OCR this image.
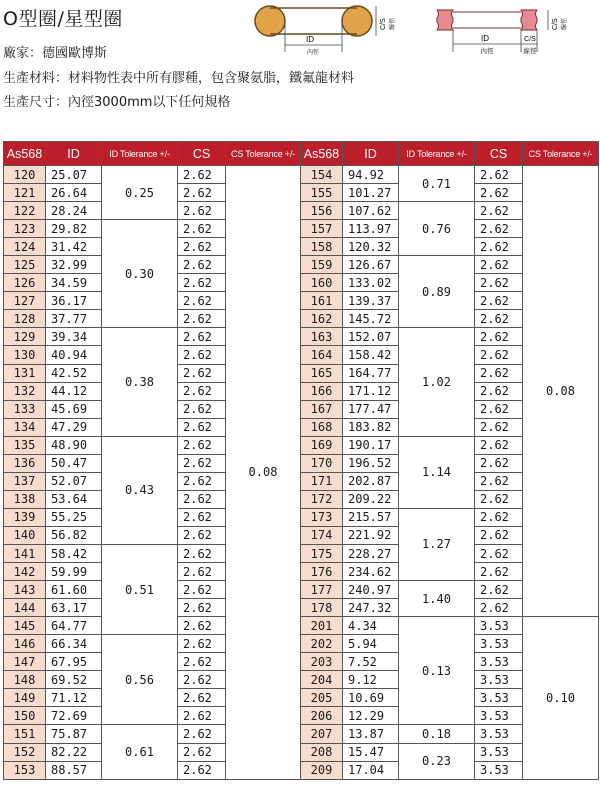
O型圈/星型圈
ID
內徑
C/S 線徑
ID
內徑
C/S
線徑
C/S 線徑
廠家：德國歐博斯
生產材料：材料物性表中所有膠種，包含聚氨脂，鐵氟龍材料
生產尺寸：內徑3000mm以下任何規格
As568	ID	ID Tolerance +/-	CS	CS Tolerance +/-	As568	ID	ID Tolerance +/-	CS	CS Tolerance +/-
120	25.07	0.25	2.62	0.08	154	94.92	0.71	2.62	0.08
121	26.64		2.62		155	101.27		2.62	
122	28.24		2.62		156	107.62	0.76	2.62	
123	29.82	0.30	2.62		157	113.97		2.62	
124	31.42		2.62		158	120.32		2.62	
125	32.99		2.62		159	126.67	0.89	2.62	
126	34.59		2.62		160	133.02		2.62	
127	36.17		2.62		161	139.37		2.62	
128	37.77		2.62		162	145.72		2.62	
129	39.34	0.38	2.62		163	152.07	1.02	2.62	
130	40.94		2.62		164	158.42		2.62	
131	42.52		2.62		165	164.77		2.62	
132	44.12		2.62		166	171.12		2.62	
133	45.69		2.62		167	177.47		2.62	
134	47.29		2.62		168	183.82		2.62	
135	48.90	0.43	2.62		169	190.17	1.14	2.62	
136	50.47		2.62		170	196.52		2.62	
137	52.07		2.62		171	202.87		2.62	
138	53.64		2.62		172	209.22		2.62	
139	55.25		2.62		173	215.57	1.27	2.62	
140	56.82		2.62		174	221.92		2.62	
141	58.42	0.51	2.62		175	228.27		2.62	
142	59.99		2.62		176	234.62		2.62	
143	61.60		2.62		177	240.97	1.40	2.62	
144	63.17		2.62		178	247.32		2.62	
145	64.77		2.62		201	4.34	0.13	3.53	0.10
146	66.34	0.56	2.62		202	5.94		3.53	
147	67.95		2.62		203	7.52		3.53	
148	69.52		2.62		204	9.12		3.53	
149	71.12		2.62		205	10.69		3.53	
150	72.69		2.62		206	12.29		3.53	
151	75.87	0.61	2.62		207	13.87	0.18	3.53	
152	82.22		2.62		208	15.47	0.23	3.53	
153	88.57		2.62		209	17.04		3.53	
